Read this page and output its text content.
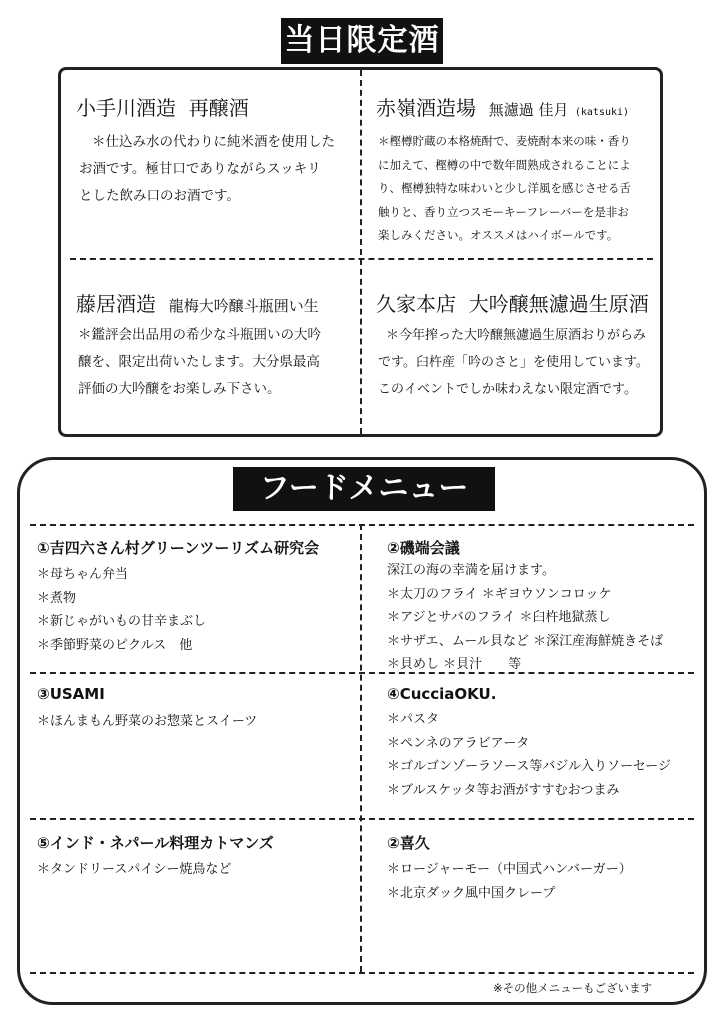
当日限定酒
小手川酒造 再醸酒
＊仕込み水の代わりに純米酒を使用した
お酒です。極甘口でありながらスッキリ
とした飲み口のお酒です。
赤嶺酒造場 無濾過 佳月 (katsuki)
＊樫樽貯蔵の本格焼酎で、麦焼酎本来の味・香り
に加えて、樫樽の中で数年間熟成されることによ
り、樫樽独特な味わいと少し洋風を感じさせる舌
触りと、香り立つスモーキーフレーバーを是非お
楽しみください。オススメはハイボールです。
藤居酒造 龍梅大吟醸斗瓶囲い生
＊鑑評会出品用の希少な斗瓶囲いの大吟
醸を、限定出荷いたします。大分県最高
評価の大吟醸をお楽しみ下さい。
久家本店 大吟醸無濾過生原酒
＊今年搾った大吟醸無濾過生原酒おりがらみ
です。臼杵産「吟のさと」を使用しています。
このイベントでしか味わえない限定酒です。
フードメニュー
①吉四六さん村グリーンツーリズム研究会
＊母ちゃん弁当
＊煮物
＊新じゃがいもの甘辛まぶし
＊季節野菜のピクルス　他
②磯端会議
深江の海の幸満を届けます。
＊太刀のフライ ＊ギヨウソンコロッケ
＊アジとサバのフライ ＊臼杵地獄蒸し
＊サザエ、ムール貝など ＊深江産海鮮焼きそば
＊貝めし ＊貝汁　　等
③USAMI
＊ほんまもん野菜のお惣菜とスイーツ
④CucciaOKU.
＊パスタ
＊ペンネのアラビアータ
＊ゴルゴンゾーラソース等バジル入りソーセージ
＊ブルスケッタ等お酒がすすむおつまみ
⑤インド・ネパール料理カトマンズ
＊タンドリースパイシー焼鳥など
②喜久
＊ロージャーモー（中国式ハンバーガー）
＊北京ダック風中国クレープ
※その他メニューもございます
